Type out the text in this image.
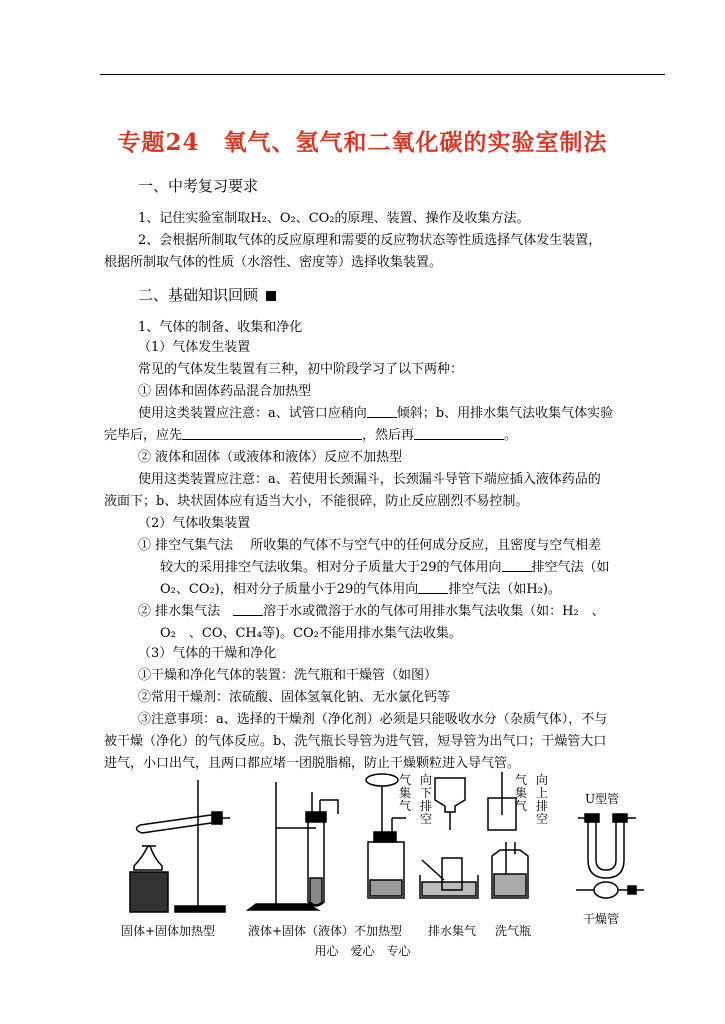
专题24　氧气、氢气和二氧化碳的实验室制法
一、中考复习要求
1、记住实验室制取H₂、O₂、CO₂的原理、装置、操作及收集方法。
2、会根据所制取气体的反应原理和需要的反应物状态等性质选择气体发生装置，
根据所制取气体的性质（水溶性、密度等）选择收集装置。
二、基础知识回顾
1、气体的制备、收集和净化
（1）气体发生装置
常见的气体发生装置有三种，初中阶段学习了以下两种：
① 固体和固体药品混合加热型
使用这类装置应注意：a、试管口应稍向 倾斜；b、用排水集气法收集气体实验
完毕后，应先	，然后再	。
② 液体和固体（或液体和液体）反应不加热型
使用这类装置应注意：a、若使用长颈漏斗，长颈漏斗导管下端应插入液体药品的
液面下；b、块状固体应有适当大小，不能很碎，防止反应剧烈不易控制。
（2）气体收集装置
① 排空气集气法　 所收集的气体不与空气中的任何成分反应，且密度与空气相差
较大的采用排空气法收集。相对分子质量大于29的气体用向 排空气法（如
O₂、CO₂)，相对分子质量小于29的气体用向 排空气法（如H₂)。
② 排水集气法　溶于水或微溶于水的气体可用排水集气法收集（如：H₂　、
O₂　、CO、CH₄等)。CO₂不能用排水集气法收集。
（3）气体的干燥和净化
①干燥和净化气体的装置：洗气瓶和干燥管（如图）
②常用干燥剂：浓硫酸、固体氢氧化钠、无水氯化钙等
③注意事项：a、选择的干燥剂（净化剂）必须是只能吸收水分（杂质气体），不与
被干燥（净化）的气体反应。b、洗气瓶长导管为进气管，短导管为出气口；干燥管大口
进气，小口出气，且两口都应堵一团脱脂棉，防止干燥颗粒进入导气管。
气集气
向下排空
气集气
向上排空
U型管
干燥管
固体+固体加热型	液体+固体（液体）不加热型 排水集气 洗气瓶
用心　爱心　专心
